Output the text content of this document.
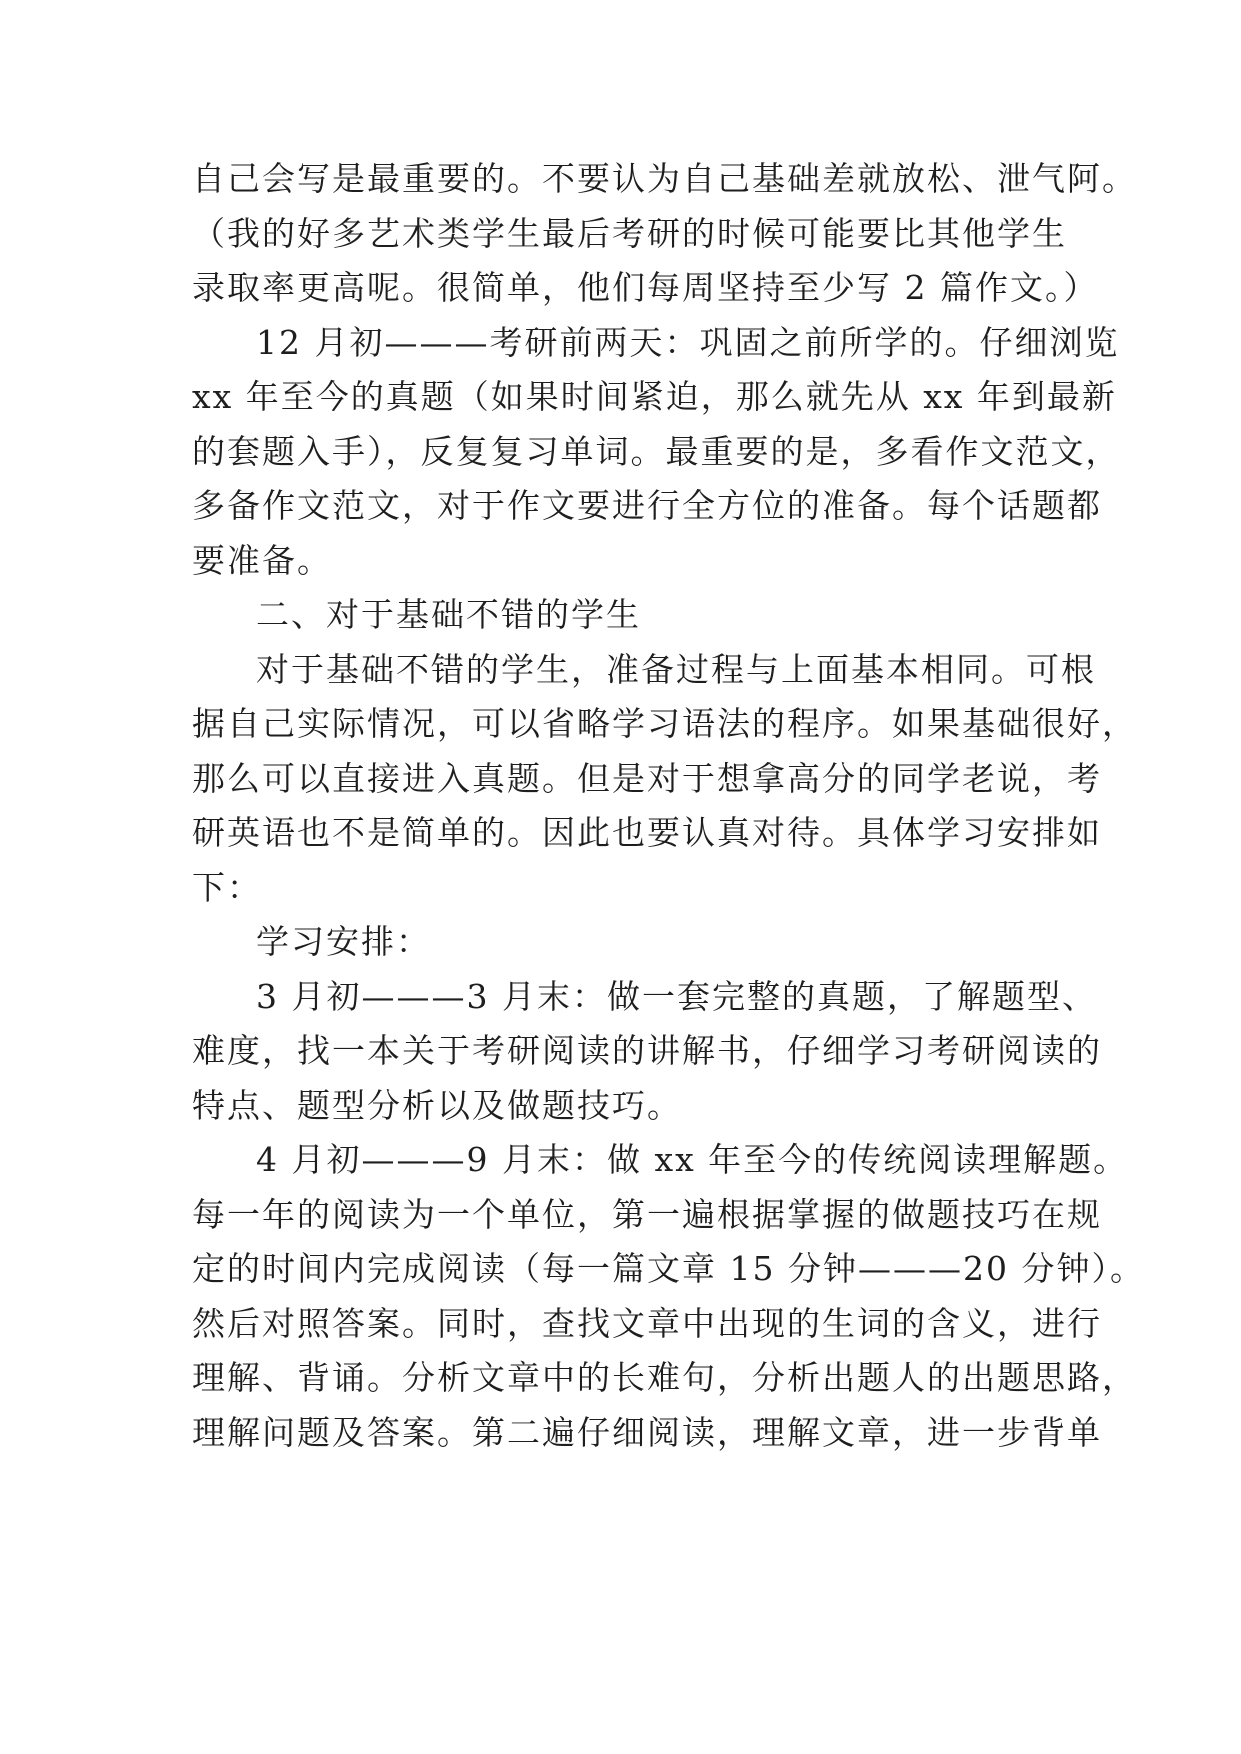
自己会写是最重要的。不要认为自己基础差就放松、泄气阿。
（我的好多艺术类学生最后考研的时候可能要比其他学生
录取率更高呢。很简单，他们每周坚持至少写 2 篇作文。）
12 月初———考研前两天：巩固之前所学的。仔细浏览
xx 年至今的真题（如果时间紧迫，那么就先从 xx 年到最新
的套题入手），反复复习单词。最重要的是，多看作文范文，
多备作文范文，对于作文要进行全方位的准备。每个话题都
要准备。
二、对于基础不错的学生
对于基础不错的学生，准备过程与上面基本相同。可根
据自己实际情况，可以省略学习语法的程序。如果基础很好，
那么可以直接进入真题。但是对于想拿高分的同学老说，考
研英语也不是简单的。因此也要认真对待。具体学习安排如
下：
学习安排：
3 月初———3 月末：做一套完整的真题，了解题型、
难度，找一本关于考研阅读的讲解书，仔细学习考研阅读的
特点、题型分析以及做题技巧。
4 月初———9 月末：做 xx 年至今的传统阅读理解题。
每一年的阅读为一个单位，第一遍根据掌握的做题技巧在规
定的时间内完成阅读（每一篇文章 15 分钟———20 分钟）。
然后对照答案。同时，查找文章中出现的生词的含义，进行
理解、背诵。分析文章中的长难句，分析出题人的出题思路，
理解问题及答案。第二遍仔细阅读，理解文章，进一步背单
